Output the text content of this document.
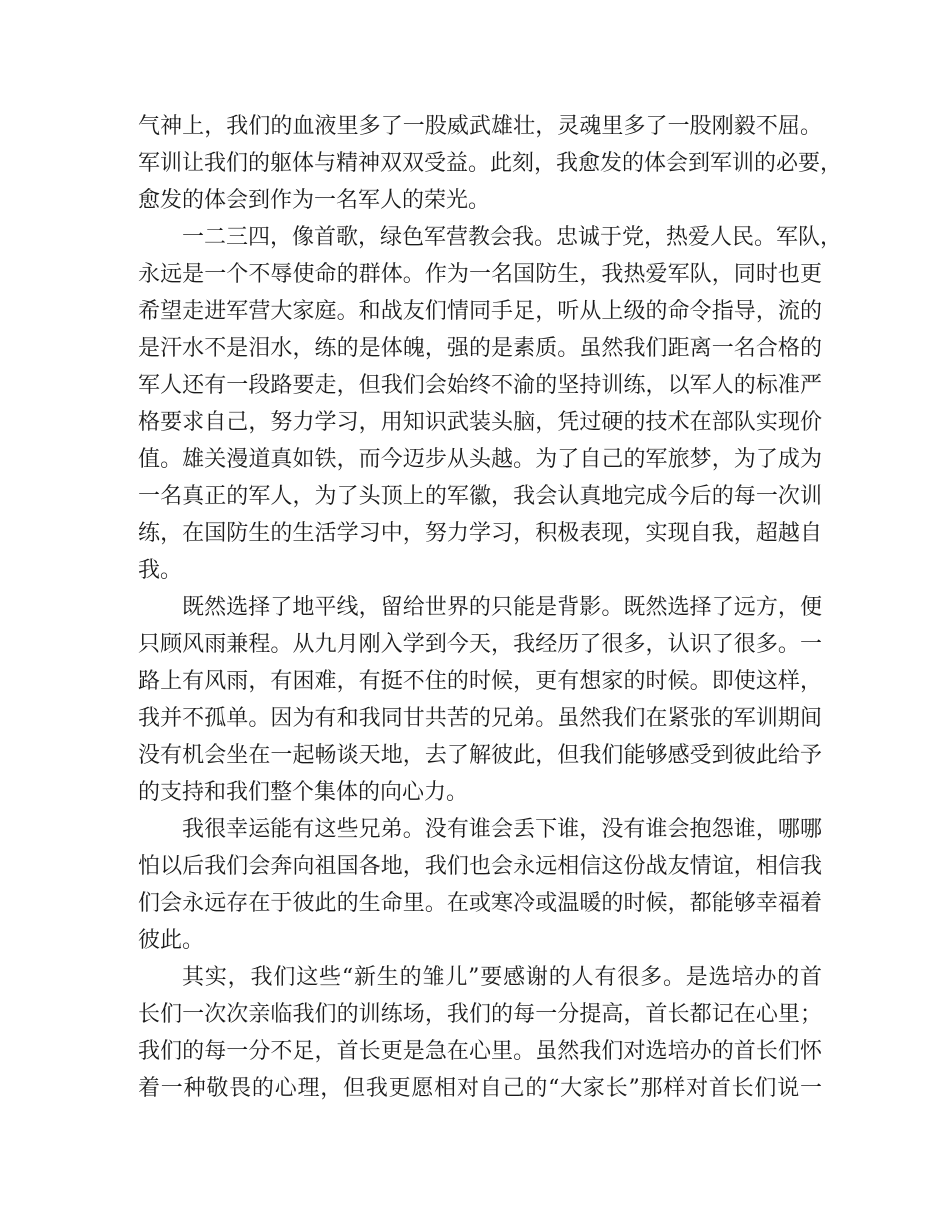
气神上，我们的血液里多了一股威武雄壮，灵魂里多了一股刚毅不屈。
军训让我们的躯体与精神双双受益。此刻，我愈发的体会到军训的必要，
愈发的体会到作为一名军人的荣光。
一二三四，像首歌，绿色军营教会我。忠诚于党，热爱人民。军队，
永远是一个不辱使命的群体。作为一名国防生，我热爱军队，同时也更
希望走进军营大家庭。和战友们情同手足，听从上级的命令指导，流的
是汗水不是泪水，练的是体魄，强的是素质。虽然我们距离一名合格的
军人还有一段路要走，但我们会始终不渝的坚持训练，以军人的标准严
格要求自己，努力学习，用知识武装头脑，凭过硬的技术在部队实现价
值。雄关漫道真如铁，而今迈步从头越。为了自己的军旅梦，为了成为
一名真正的军人，为了头顶上的军徽，我会认真地完成今后的每一次训
练，在国防生的生活学习中，努力学习，积极表现，实现自我，超越自
我。
既然选择了地平线，留给世界的只能是背影。既然选择了远方，便
只顾风雨兼程。从九月刚入学到今天，我经历了很多，认识了很多。一
路上有风雨，有困难，有挺不住的时候，更有想家的时候。即使这样，
我并不孤单。因为有和我同甘共苦的兄弟。虽然我们在紧张的军训期间
没有机会坐在一起畅谈天地，去了解彼此，但我们能够感受到彼此给予
的支持和我们整个集体的向心力。
我很幸运能有这些兄弟。没有谁会丢下谁，没有谁会抱怨谁，哪哪
怕以后我们会奔向祖国各地，我们也会永远相信这份战友情谊，相信我
们会永远存在于彼此的生命里。在或寒冷或温暖的时候，都能够幸福着
彼此。
其实，我们这些“新生的雏儿”要感谢的人有很多。是选培办的首
长们一次次亲临我们的训练场，我们的每一分提高，首长都记在心里；
我们的每一分不足，首长更是急在心里。虽然我们对选培办的首长们怀
着一种敬畏的心理，但我更愿相对自己的“大家长”那样对首长们说一
